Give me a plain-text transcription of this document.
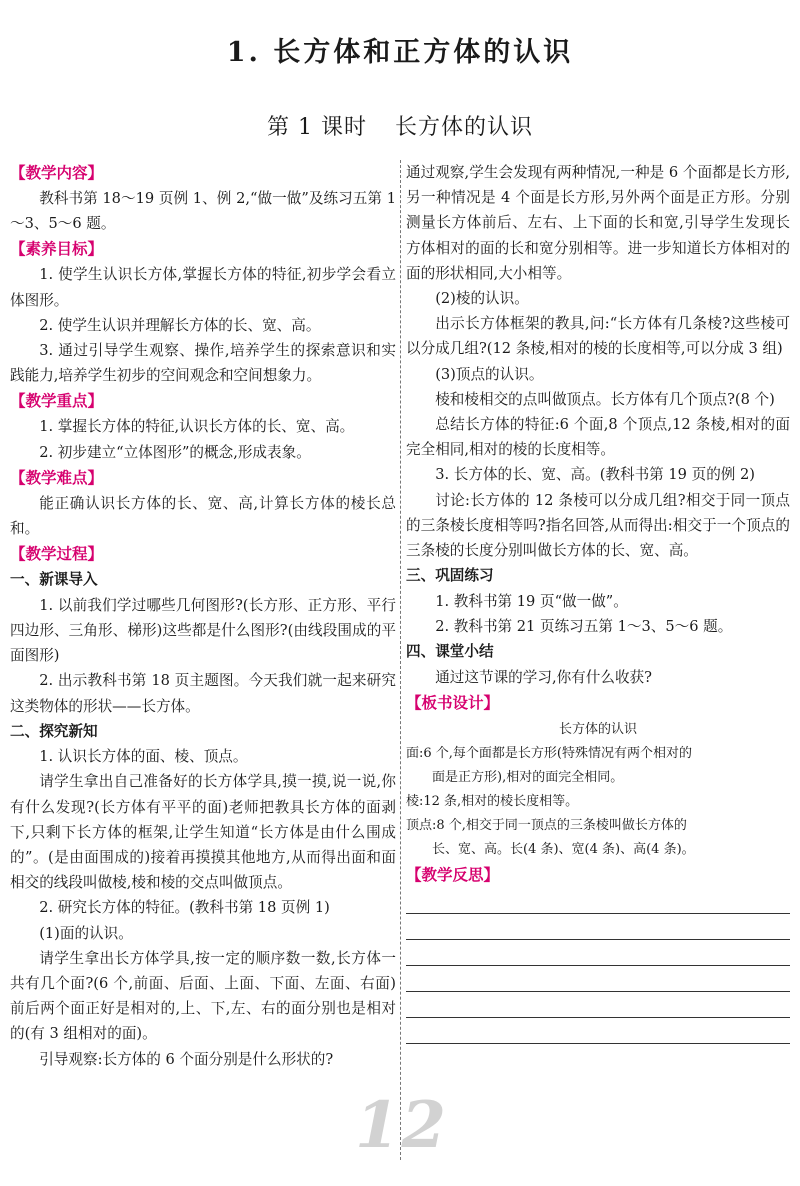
1. 长方体和正方体的认识
第 1 课时 长方体的认识
【教学内容】
教科书第 18～19 页例 1、例 2,“做一做”及练习五第 1～3、5～6 题。
【素养目标】
1. 使学生认识长方体,掌握长方体的特征,初步学会看立体图形。
2. 使学生认识并理解长方体的长、宽、高。
3. 通过引导学生观察、操作,培养学生的探索意识和实践能力,培养学生初步的空间观念和空间想象力。
【教学重点】
1. 掌握长方体的特征,认识长方体的长、宽、高。
2. 初步建立“立体图形”的概念,形成表象。
【教学难点】
能正确认识长方体的长、宽、高,计算长方体的棱长总和。
【教学过程】
一、新课导入
1. 以前我们学过哪些几何图形?(长方形、正方形、平行四边形、三角形、梯形)这些都是什么图形?(由线段围成的平面图形)
2. 出示教科书第 18 页主题图。今天我们就一起来研究这类物体的形状——长方体。
二、探究新知
1. 认识长方体的面、棱、顶点。
请学生拿出自己准备好的长方体学具,摸一摸,说一说,你有什么发现?(长方体有平平的面)老师把教具长方体的面剥下,只剩下长方体的框架,让学生知道“长方体是由什么围成的”。(是由面围成的)接着再摸摸其他地方,从而得出面和面相交的线段叫做棱,棱和棱的交点叫做顶点。
2. 研究长方体的特征。(教科书第 18 页例 1)
(1)面的认识。
请学生拿出长方体学具,按一定的顺序数一数,长方体一共有几个面?(6 个,前面、后面、上面、下面、左面、右面)前后两个面正好是相对的,上、下,左、右的面分别也是相对的(有 3 组相对的面)。
引导观察:长方体的 6 个面分别是什么形状的?
通过观察,学生会发现有两种情况,一种是 6 个面都是长方形,另一种情况是 4 个面是长方形,另外两个面是正方形。分别测量长方体前后、左右、上下面的长和宽,引导学生发现长方体相对的面的长和宽分别相等。进一步知道长方体相对的面的形状相同,大小相等。
(2)棱的认识。
出示长方体框架的教具,问:“长方体有几条棱?这些棱可以分成几组?(12 条棱,相对的棱的长度相等,可以分成 3 组)
(3)顶点的认识。
棱和棱相交的点叫做顶点。长方体有几个顶点?(8 个)
总结长方体的特征:6 个面,8 个顶点,12 条棱,相对的面完全相同,相对的棱的长度相等。
3. 长方体的长、宽、高。(教科书第 19 页的例 2)
讨论:长方体的 12 条棱可以分成几组?相交于同一顶点的三条棱长度相等吗?指名回答,从而得出:相交于一个顶点的三条棱的长度分别叫做长方体的长、宽、高。
三、巩固练习
1. 教科书第 19 页“做一做”。
2. 教科书第 21 页练习五第 1～3、5～6 题。
四、课堂小结
通过这节课的学习,你有什么收获?
【板书设计】
长方体的认识
面:6 个,每个面都是长方形(特殊情况有两个相对的
面是正方形),相对的面完全相同。
棱:12 条,相对的棱长度相等。
顶点:8 个,相交于同一顶点的三条棱叫做长方体的
长、宽、高。长(4 条)、宽(4 条)、高(4 条)。
【教学反思】
12
